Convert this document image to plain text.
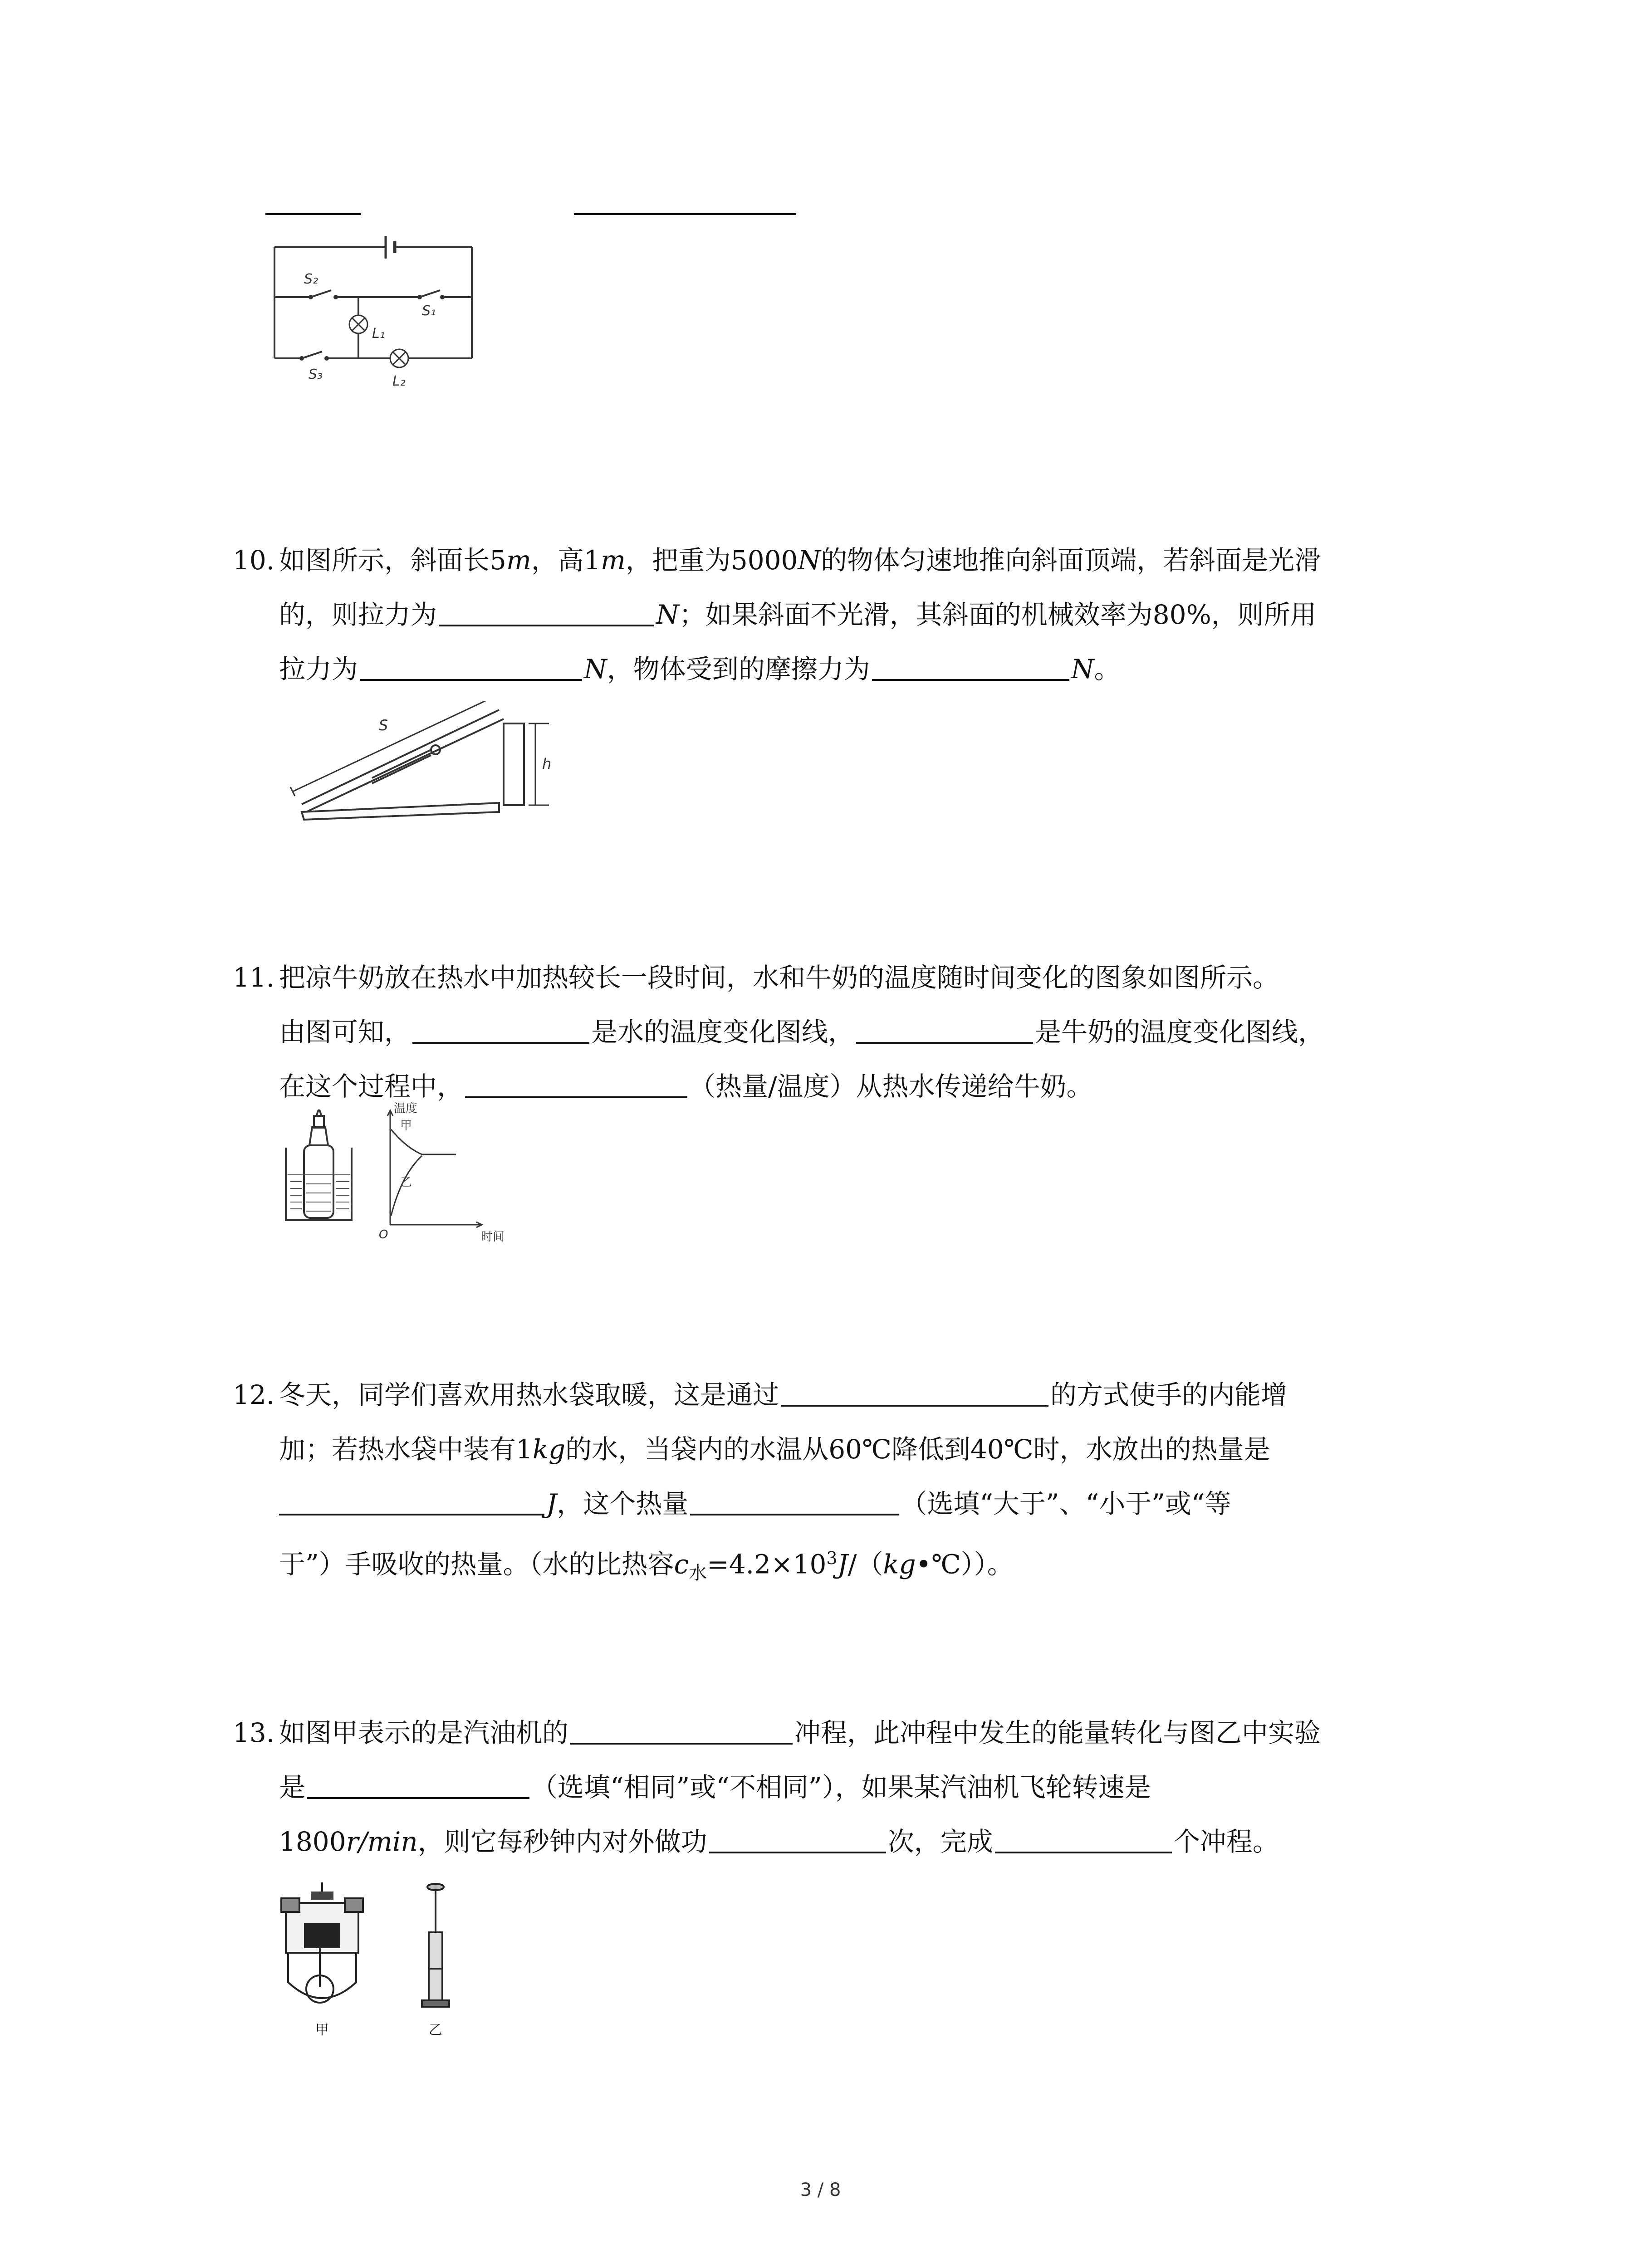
S₂
S₁
L₁
S₃	L₂
10. 如图所示，斜面长5m，高1m，把重为5000N的物体匀速地推向斜面顶端，若斜面是光滑
的，则拉力为	N；如果斜面不光滑，其斜面的机械效率为80%，则所用
拉力为	N，物体受到的摩擦力为	N。
S
h
11. 把凉牛奶放在热水中加热较长一段时间，水和牛奶的温度随时间变化的图象如图所示。
由图可知，	是水的温度变化图线，	是牛奶的温度变化图线，
在这个过程中，	（热量/温度）从热水传递给牛奶。
温度
甲
乙
O	时间
12. 冬天，同学们喜欢用热水袋取暖，这是通过	的方式使手的内能增
加；若热水袋中装有1kg的水，当袋内的水温从60℃降低到40℃时，水放出的热量是
J，这个热量	（选填“大于”、“小于”或“等
于”）手吸收的热量。（水的比热容$c_水=4.2\times 10^3J/(kg•℃)$）。
13. 如图甲表示的是汽油机的	冲程，此冲程中发生的能量转化与图乙中实验
是	（选填“相同”或“不相同”），如果某汽油机飞轮转速是
1800r/min，则它每秒钟内对外做功	次，完成	个冲程。
甲	乙
3 / 8
